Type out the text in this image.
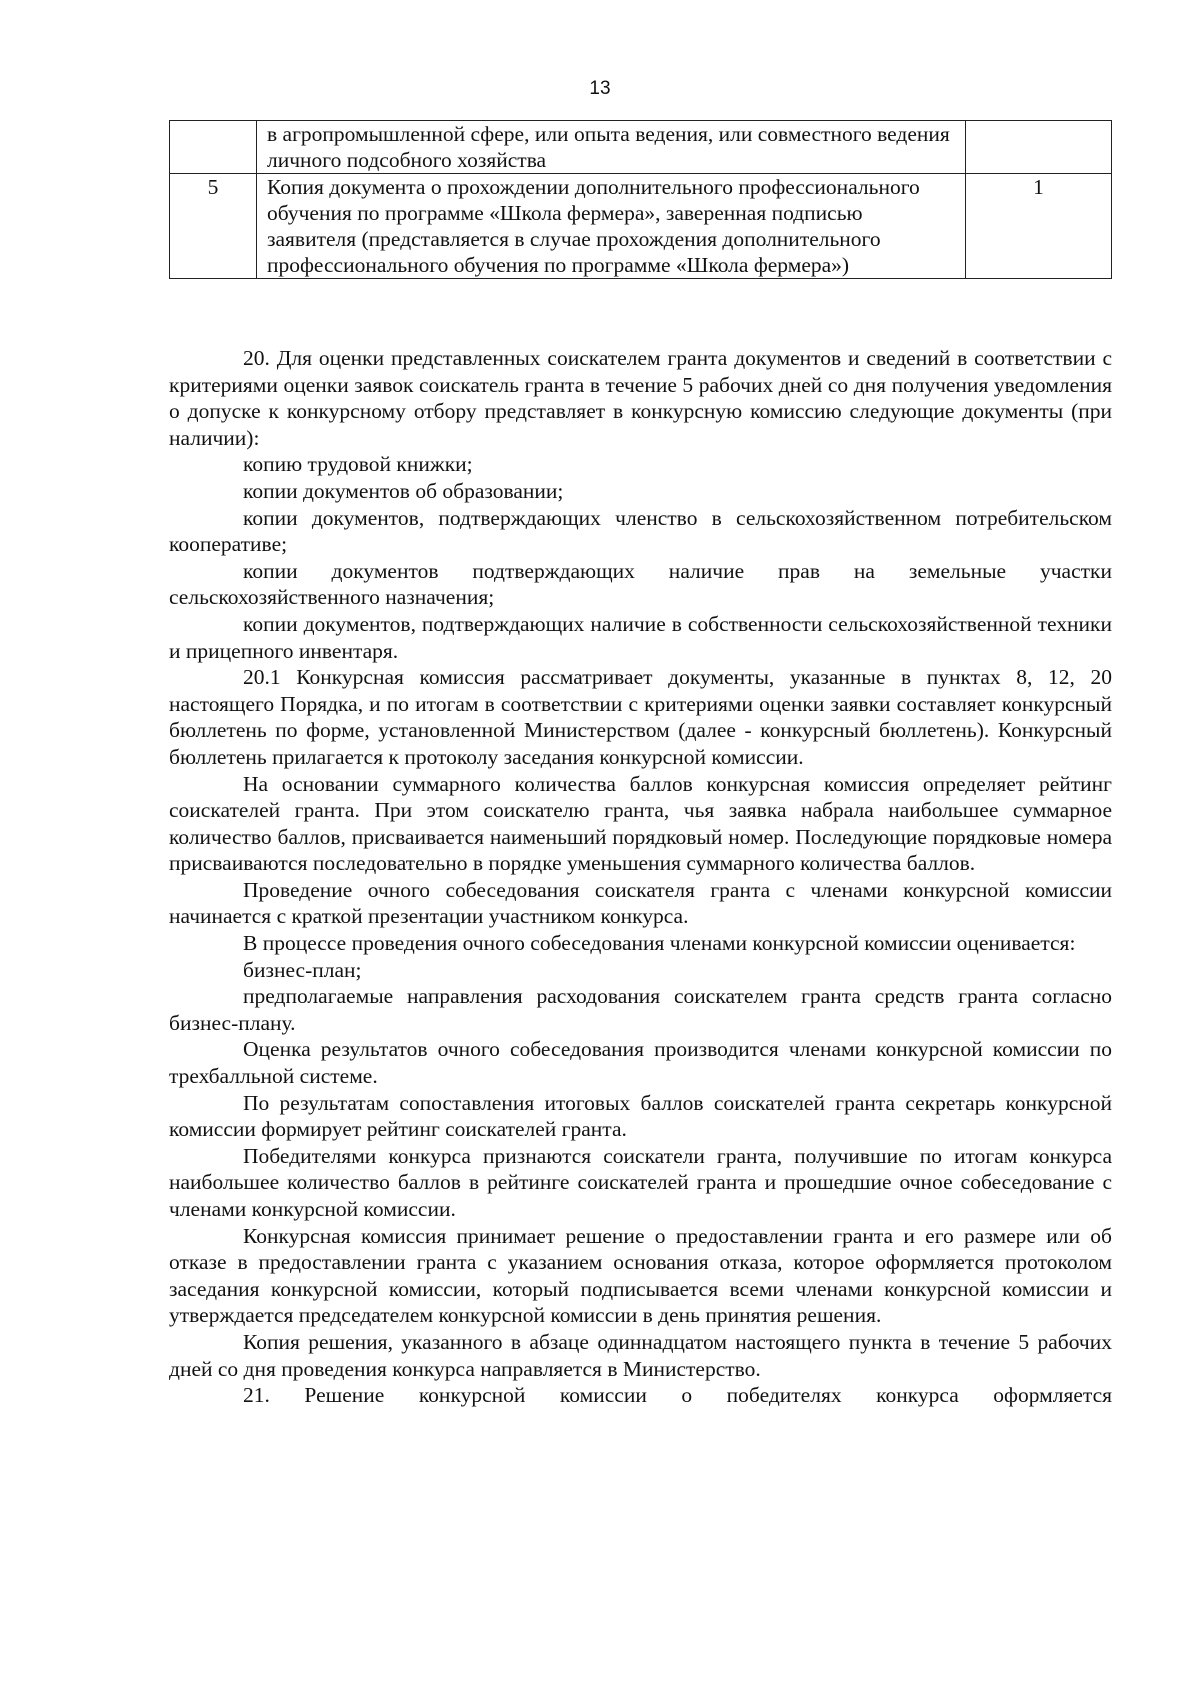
13
	в агропромышленной сфере, или опыта ведения, или совместного ведения личного подсобного хозяйства	
5	Копия документа о прохождении дополнительного профессионального обучения по программе «Школа фермера», заверенная подписью заявителя (представляется в случае прохождения дополнительного профессионального обучения по программе «Школа фермера»)	1

20. Для оценки представленных соискателем гранта документов и сведений в соответствии с критериями оценки заявок соискатель гранта в течение 5 рабочих дней со дня получения уведомления о допуске к конкурсному отбору представляет в конкурсную комиссию следующие документы (при наличии):

копию трудовой книжки;

копии документов об образовании;

копии документов, подтверждающих членство в сельскохозяйственном потребительском кооперативе;

копии документов подтверждающих наличие прав на земельные участки сельскохозяйственного назначения;

копии документов, подтверждающих наличие в собственности сельскохозяйственной техники и прицепного инвентаря.

20.1 Конкурсная комиссия рассматривает документы, указанные в пунктах 8, 12, 20 настоящего Порядка, и по итогам в соответствии с критериями оценки заявки составляет конкурсный бюллетень по форме, установленной Министерством (далее - конкурсный бюллетень). Конкурсный бюллетень прилагается к протоколу заседания конкурсной комиссии.

На основании суммарного количества баллов конкурсная комиссия определяет рейтинг соискателей гранта. При этом соискателю гранта, чья заявка набрала наибольшее суммарное количество баллов, присваивается наименьший порядковый номер. Последующие порядковые номера присваиваются последовательно в порядке уменьшения суммарного количества баллов.

Проведение очного собеседования соискателя гранта с членами конкурсной комиссии начинается с краткой презентации участником конкурса.

В процессе проведения очного собеседования членами конкурсной комиссии оценивается:

бизнес-план;

предполагаемые направления расходования соискателем гранта средств гранта согласно бизнес-плану.

Оценка результатов очного собеседования производится членами конкурсной комиссии по трехбалльной системе.

По результатам сопоставления итоговых баллов соискателей гранта секретарь конкурсной комиссии формирует рейтинг соискателей гранта.

Победителями конкурса признаются соискатели гранта, получившие по итогам конкурса наибольшее количество баллов в рейтинге соискателей гранта и прошедшие очное собеседование с членами конкурсной комиссии.

Конкурсная комиссия принимает решение о предоставлении гранта и его размере или об отказе в предоставлении гранта с указанием основания отказа, которое оформляется протоколом заседания конкурсной комиссии, который подписывается всеми членами конкурсной комиссии и утверждается председателем конкурсной комиссии в день принятия решения.

Копия решения, указанного в абзаце одиннадцатом настоящего пункта в течение 5 рабочих дней со дня проведения конкурса направляется в Министерство.

21. Решение конкурсной комиссии о победителях конкурса оформляется
